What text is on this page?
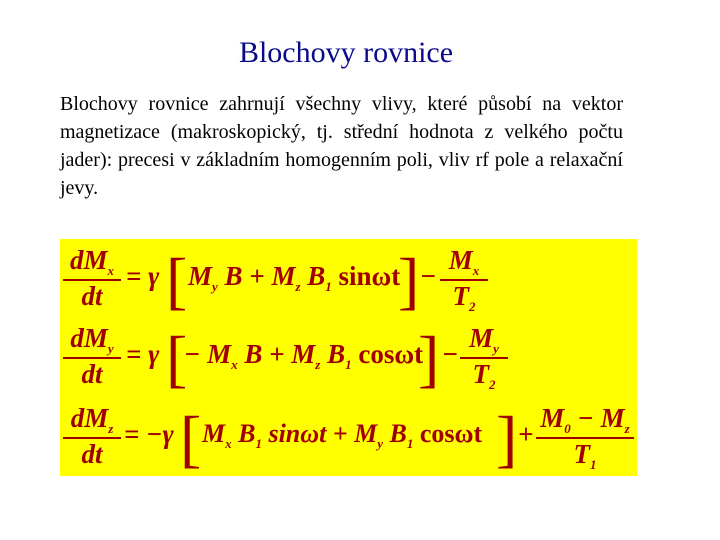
Blochovy rovnice
Blochovy rovnice zahrnují všechny vlivy, které působí na vektor magnetizace (makroskopický, tj. střední hodnota z velkého počtu jader): precesi v základním homogenním poli, vliv rf pole a relaxační jevy.
$dM_x$
dt
= γ [ $M_y$ $B + M_z$ $B_1$ sinωt
] −
$M_x$
$T_2$
$dM_y$
dt
= γ [
− $M_x$ $B + M_z$ $B_1$ cosωt
] −
$M_y$
$T_2$
$dM_z$
dt
= −γ [ $M_x$ $B_1$ $\sin\omega t + M_y$ $B_1$ cosωt ] +
$M_0 - M_z$
$T_1$
